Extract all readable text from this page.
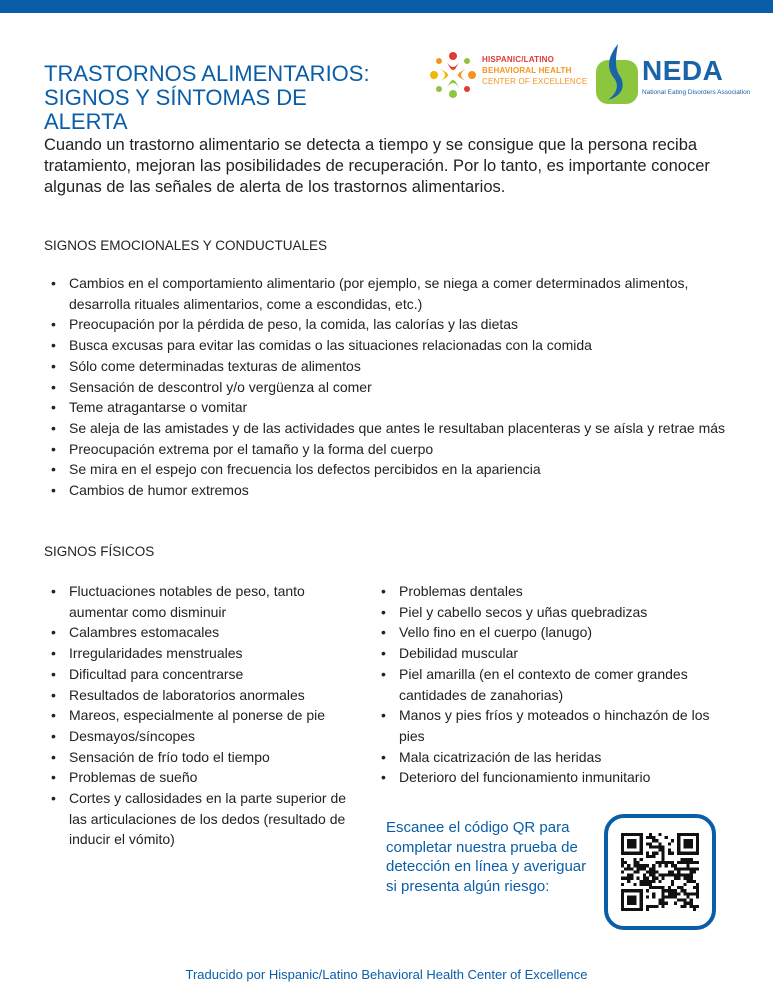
TRASTORNOS ALIMENTARIOS:
SIGNOS Y SÍNTOMAS DE
ALERTA
HISPANIC/LATINO
BEHAVIORAL HEALTH
CENTER OF EXCELLENCE NEDA
National Eating Disorders Association

Cuando un trastorno alimentario se detecta a tiempo y se consigue que la persona reciba tratamiento, mejoran las posibilidades de recuperación. Por lo tanto, es importante conocer algunas de las señales de alerta de los trastornos alimentarios.

SIGNOS EMOCIONALES Y CONDUCTUALES
• Cambios en el comportamiento alimentario (por ejemplo, se niega a comer determinados alimentos, desarrolla rituales alimentarios, come a escondidas, etc.)
• Preocupación por la pérdida de peso, la comida, las calorías y las dietas
• Busca excusas para evitar las comidas o las situaciones relacionadas con la comida
• Sólo come determinadas texturas de alimentos
• Sensación de descontrol y/o vergüenza al comer
• Teme atragantarse o vomitar
• Se aleja de las amistades y de las actividades que antes le resultaban placenteras y se aísla y retrae más
• Preocupación extrema por el tamaño y la forma del cuerpo
• Se mira en el espejo con frecuencia los defectos percibidos en la apariencia
• Cambios de humor extremos
SIGNOS FÍSICOS
• Fluctuaciones notables de peso, tanto aumentar como disminuir
• Calambres estomacales
• Irregularidades menstruales
• Dificultad para concentrarse
• Resultados de laboratorios anormales
• Mareos, especialmente al ponerse de pie
• Desmayos/síncopes
• Sensación de frío todo el tiempo
• Problemas de sueño
• Cortes y callosidades en la parte superior de las articulaciones de los dedos (resultado de inducir el vómito)
• Problemas dentales
• Piel y cabello secos y uñas quebradizas
• Vello fino en el cuerpo (lanugo)
• Debilidad muscular
• Piel amarilla (en el contexto de comer grandes cantidades de zanahorias)
• Manos y pies fríos y moteados o hinchazón de los pies
• Mala cicatrización de las heridas
• Deterioro del funcionamiento inmunitario

Escanee el código QR para completar nuestra prueba de detección en línea y averiguar si presenta algún riesgo:

Traducido por Hispanic/Latino Behavioral Health Center of Excellence
